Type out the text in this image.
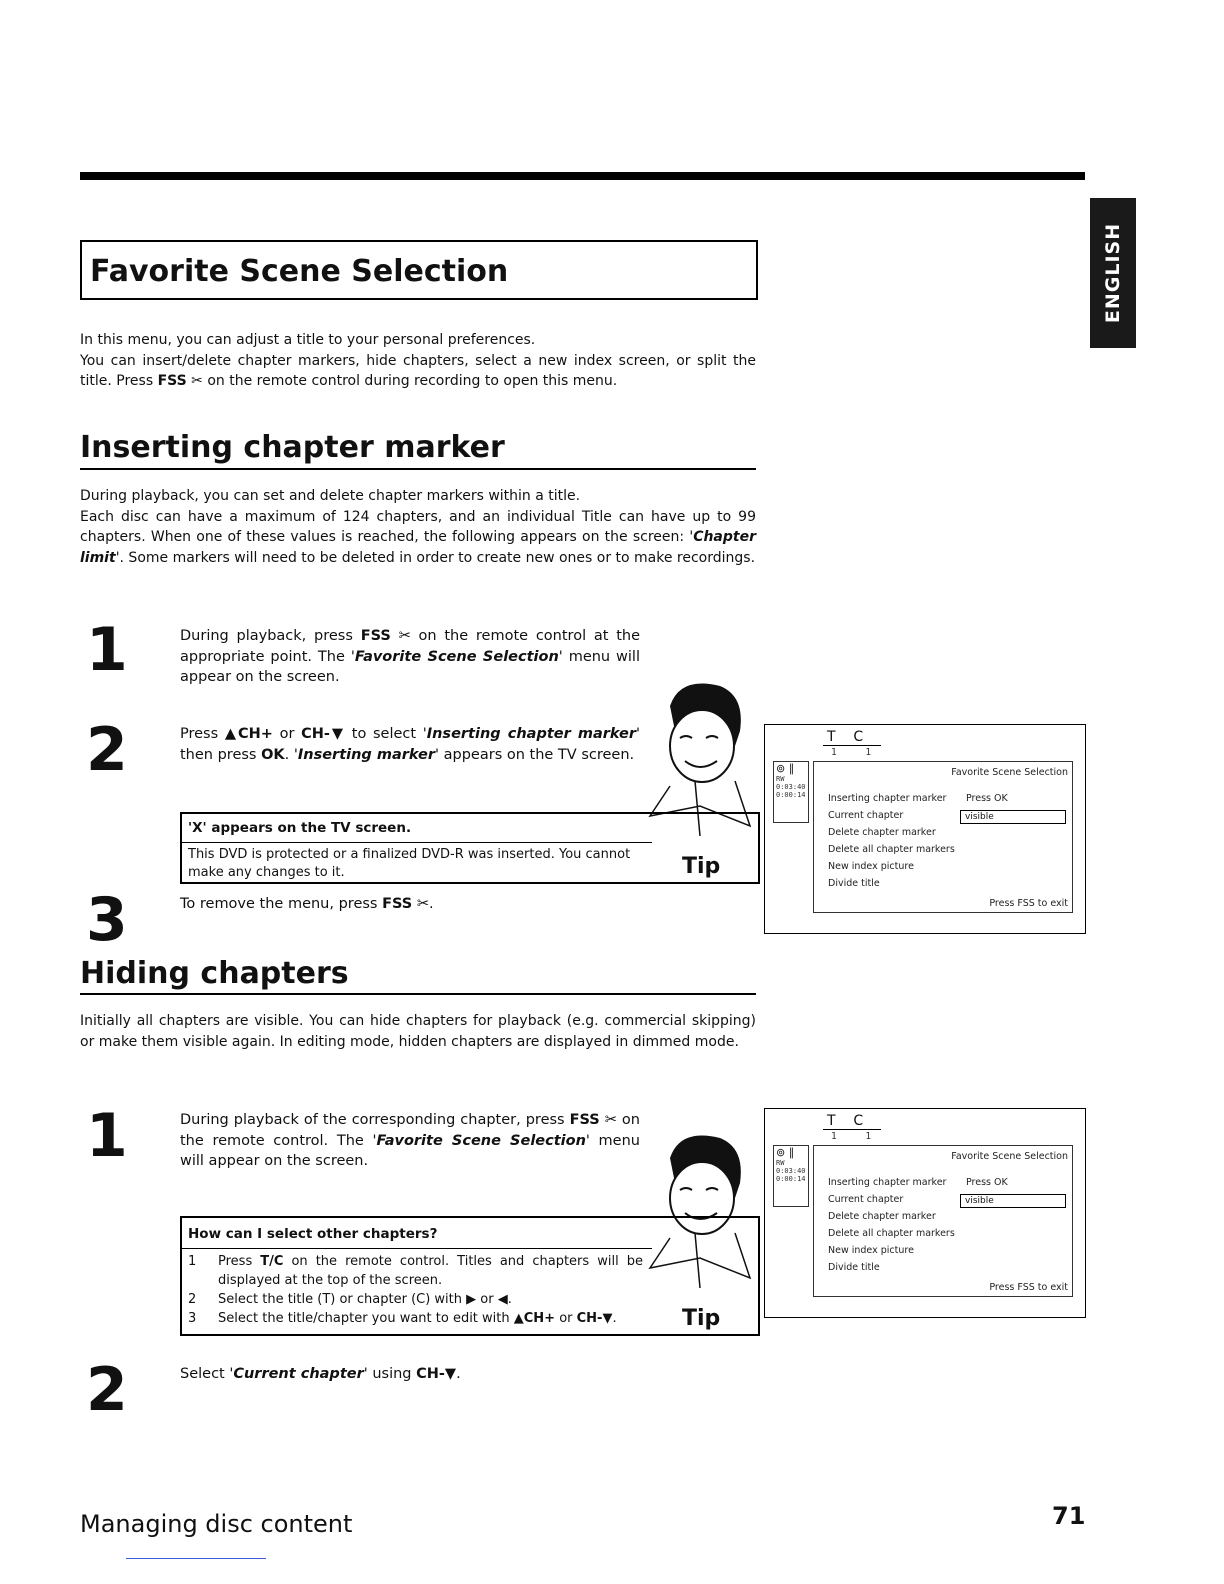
ENGLISH
Favorite Scene Selection
In this menu, you can adjust a title to your personal preferences.
You can insert/delete chapter markers, hide chapters, select a new index screen, or split the title. Press FSS ✂ on the remote control during recording to open this menu.
Inserting chapter marker
During playback, you can set and delete chapter markers within a title.
Each disc can have a maximum of 124 chapters, and an individual Title can have up to 99 chapters. When one of these values is reached, the following appears on the screen: 'Chapter limit'. Some markers will need to be deleted in order to create new ones or to make recordings.
1	During playback, press FSS ✂ on the remote control at the appropriate point. The 'Favorite Scene Selection' menu will appear on the screen.
2	Press ▲CH+ or CH-▼ to select 'Inserting chapter marker' then press OK. 'Inserting marker' appears on the TV screen.
'X' appears on the TV screen.
This DVD is protected or a finalized DVD-R was inserted. You cannot make any changes to it.	Tip
3	To remove the menu, press FSS ✂.
T C
1	1
⊚ ∥
RW
0:03:40
0:00:14
Favorite Scene Selection
Inserting chapter marker
Current chapter
Delete chapter marker
Delete all chapter markers
New index picture
Divide title
Press OK
visible
Press FSS to exit
Hiding chapters
Initially all chapters are visible. You can hide chapters for playback (e.g. commercial skipping) or make them visible again. In editing mode, hidden chapters are displayed in dimmed mode.
1	During playback of the corresponding chapter, press FSS ✂ on the remote control. The 'Favorite Scene Selection' menu will appear on the screen.
How can I select other chapters?
1	Press T/C on the remote control. Titles and chapters will be displayed at the top of the screen.
2	Select the title (T) or chapter (C) with ▶ or ◀.
3	Select the title/chapter you want to edit with ▲CH+ or CH-▼.	Tip
T C
1	1
⊚ ∥
RW
0:03:40
0:00:14
Favorite Scene Selection
Inserting chapter marker
Current chapter
Delete chapter marker
Delete all chapter markers
New index picture
Divide title
Press OK
visible
Press FSS to exit
2	Select 'Current chapter' using CH-▼.
Managing disc content	71
